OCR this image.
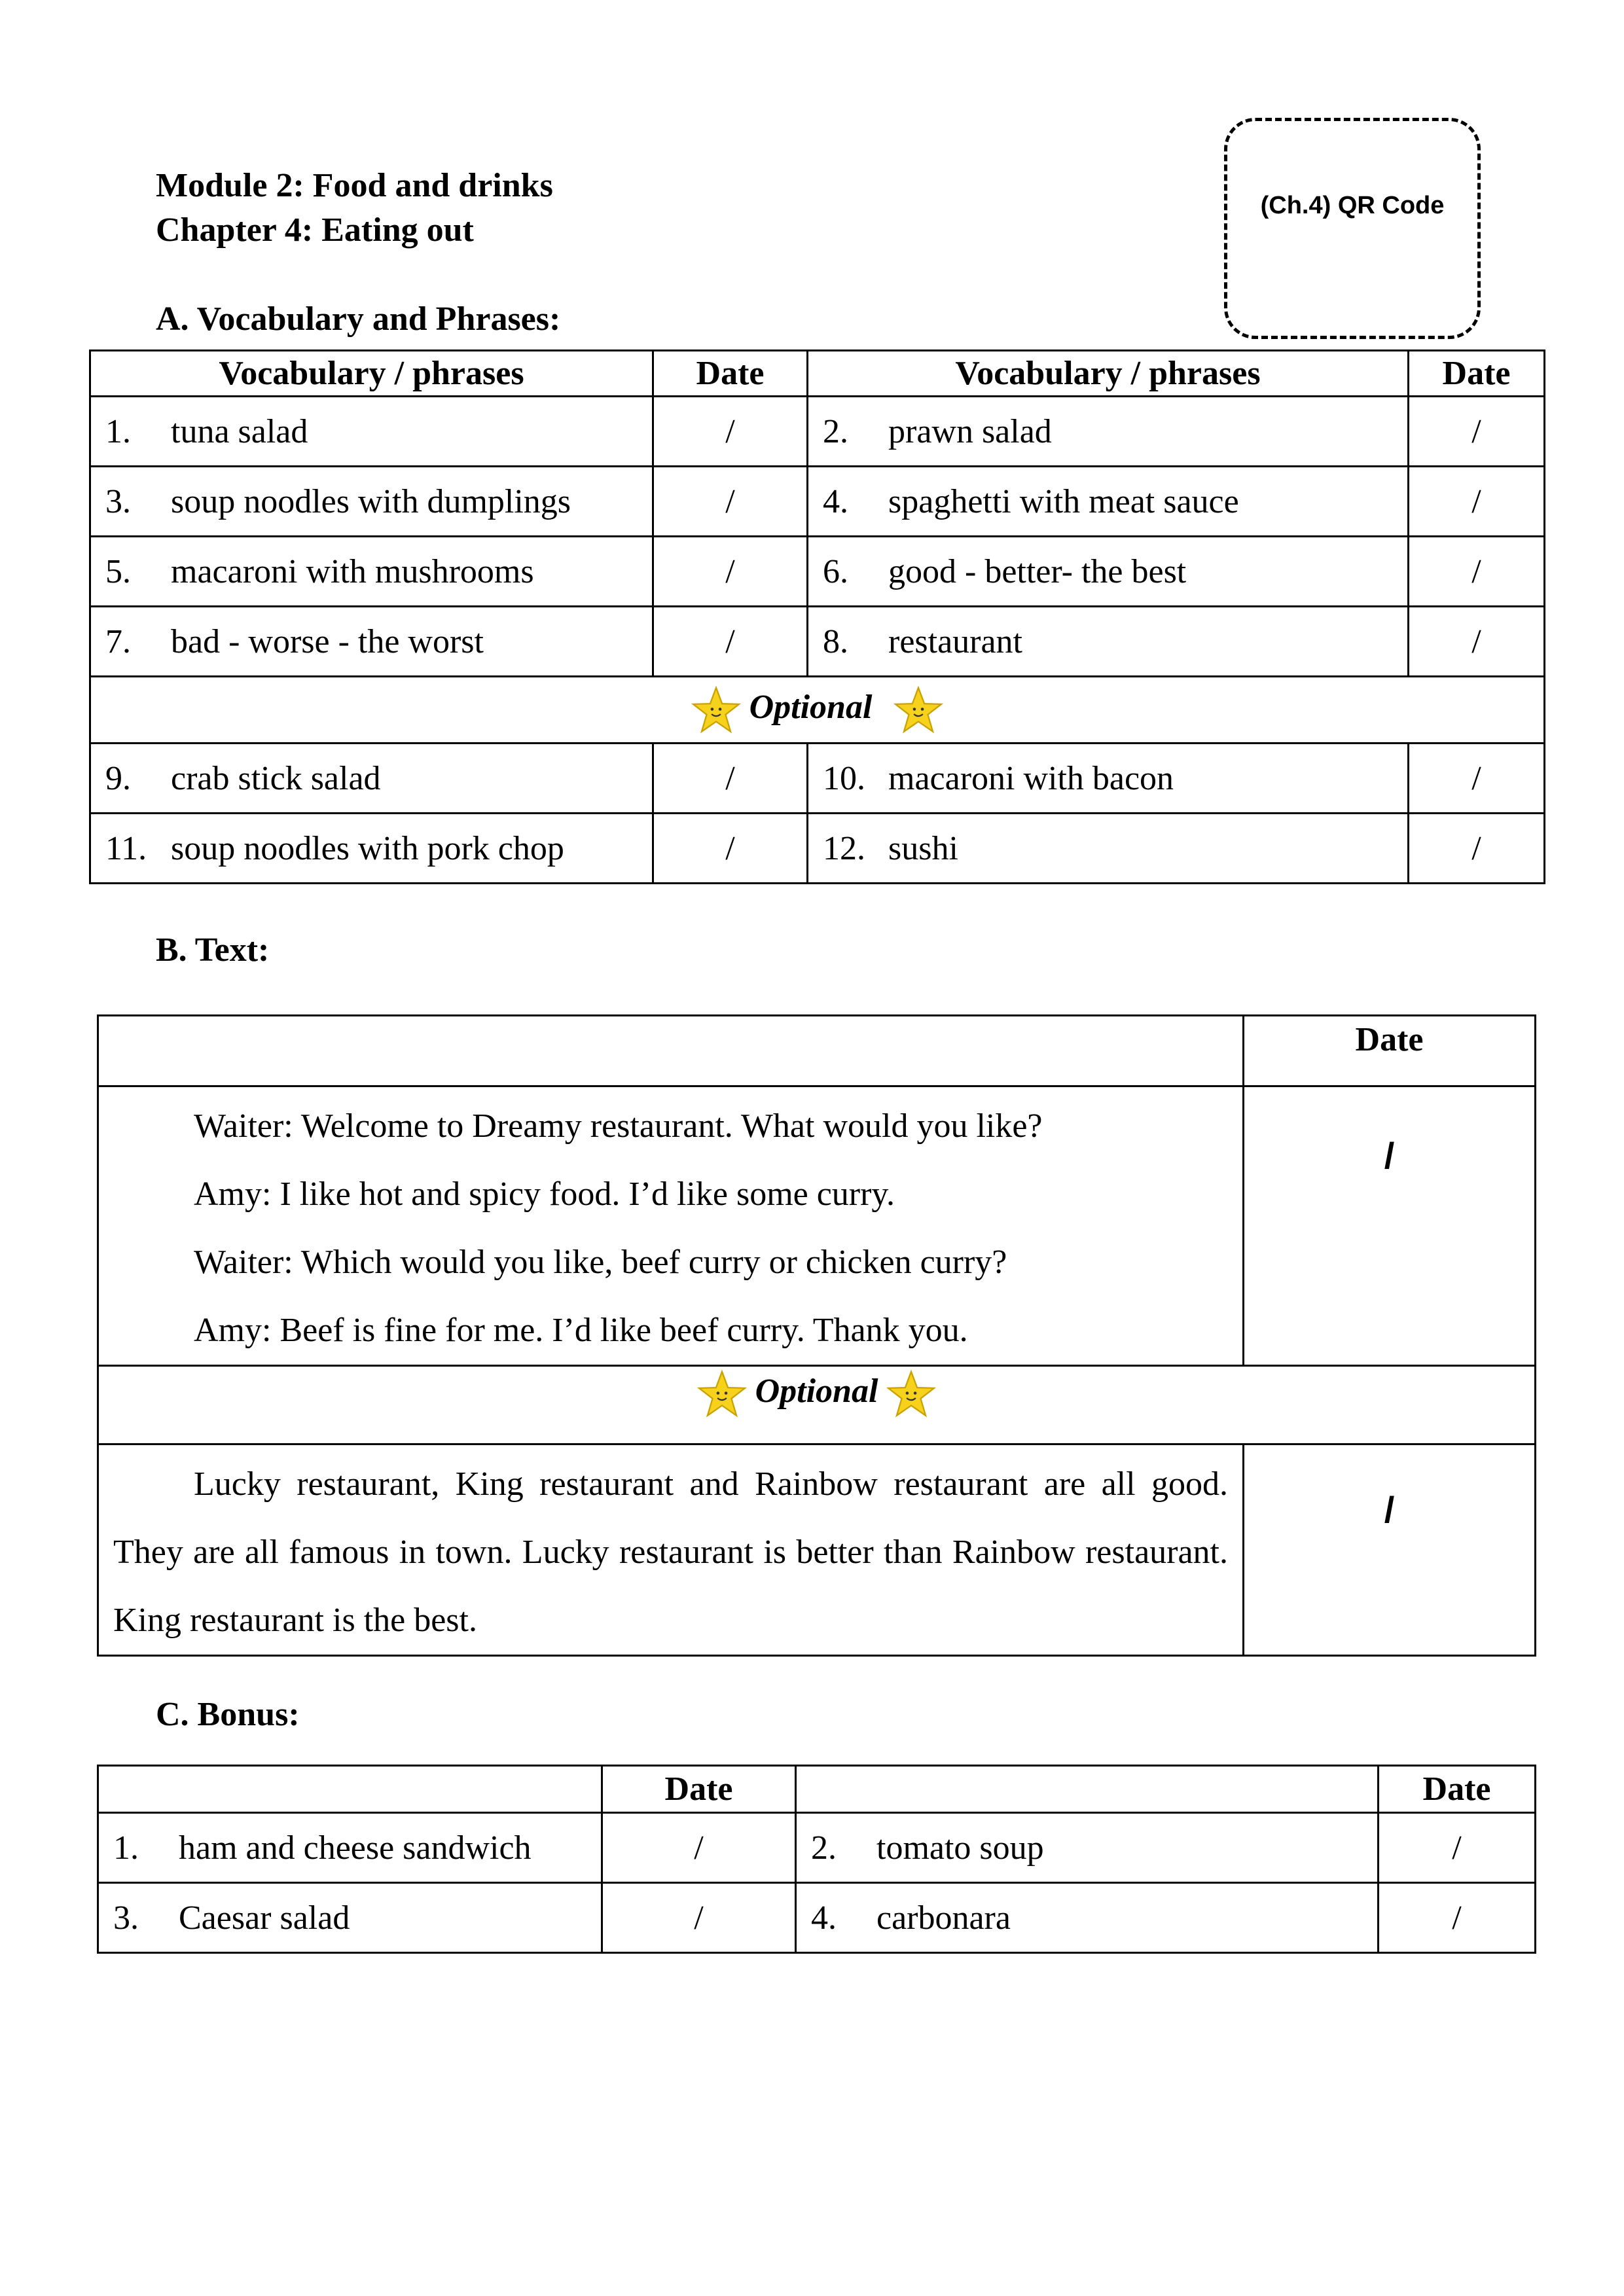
Module 2: Food and drinks
Chapter 4: Eating out
(Ch.4) QR Code
A. Vocabulary and Phrases:
Vocabulary / phrases	Date	Vocabulary / phrases	Date
1. tuna salad	/	2. prawn salad	/
3. soup noodles with dumplings	/	4. spaghetti with meat sauce	/
5. macaroni with mushrooms	/	6. good - better- the best	/
7. bad - worse - the worst	/	8. restaurant	/
Optional			
9. crab stick salad	/	10. macaroni with bacon	/
11. soup noodles with pork chop	/	12. sushi	/
B. Text:
	Date

Waiter: Welcome to Dreamy restaurant. What would you like?

Amy: I like hot and spicy food. I’d like some curry.

Waiter: Which would you like, beef curry or chicken curry?

Amy: Beef is fine for me. I’d like beef curry. Thank you.	/
Optional	
Lucky restaurant, King restaurant and Rainbow restaurant are all good. They are all famous in town. Lucky restaurant is better than Rainbow restaurant. King restaurant is the best.	/
C. Bonus:
	Date		Date
1. ham and cheese sandwich	/	2. tomato soup	/
3. Caesar salad	/	4. carbonara	/
